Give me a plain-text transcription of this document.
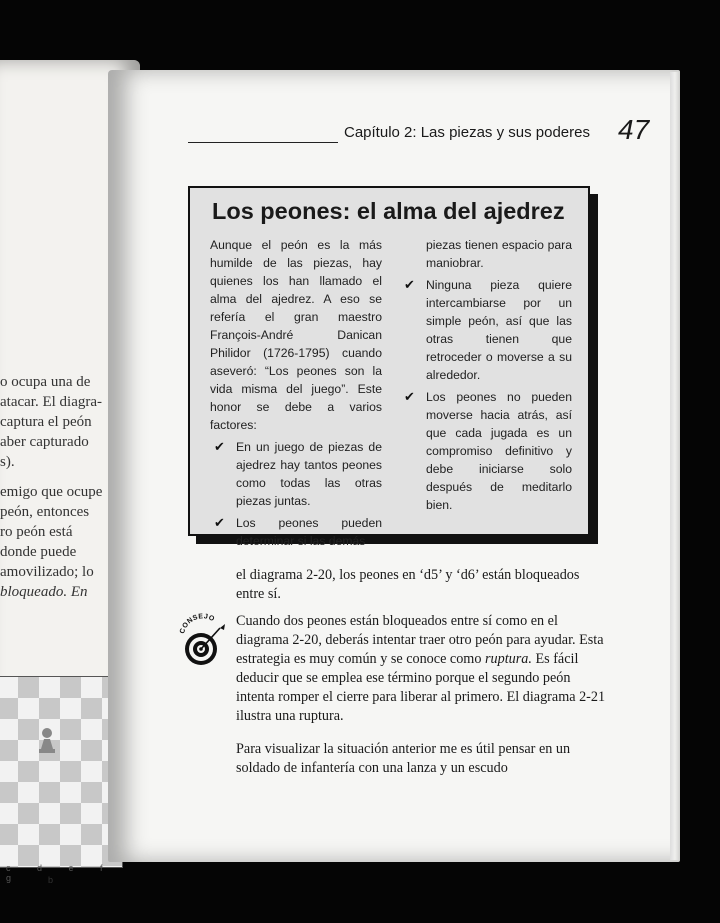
o ocupa una de
atacar. El diagra-
captura el peón
aber capturado
s).
emigo que ocupe
peón, entonces
ro peón está
donde puede
amovilizado; lo
bloqueado. En
c d e f g	b
Capítulo 2: Las piezas y sus poderes 47
Los peones: el alma del ajedrez

Aunque el peón es la más humilde de las piezas, hay quienes los han llamado el alma del ajedrez. A eso se refería el gran maestro François-André Danican Philidor (1726-1795) cuando aseveró: “Los peones son la vida misma del juego”. Este honor se debe a varios factores:

✔ En un juego de piezas de ajedrez hay tantos peones como todas las otras piezas juntas.

✔ Los peones pueden determinar si las demás

piezas tienen espacio para maniobrar.

✔ Ninguna pieza quiere intercambiarse por un simple peón, así que las otras tienen que retroceder o moverse a su alrededor.

✔ Los peones no pueden moverse hacia atrás, así que cada jugada es un compromiso definitivo y debe iniciarse solo después de meditarlo bien.

el diagrama 2-20, los peones en ‘d5’ y ‘d6’ están bloqueados entre sí.
CONSEJO Cuando dos peones están bloqueados entre sí como en el diagrama 2-20, deberás intentar traer otro peón para ayudar. Esta estrategia es muy común y se conoce como ruptura. Es fácil deducir que se emplea ese término porque el segundo peón intenta romper el cierre para liberar al primero. El diagrama 2-21 ilustra una ruptura.
Para visualizar la situación anterior me es útil pensar en un soldado de infantería con una lanza y un escudo
